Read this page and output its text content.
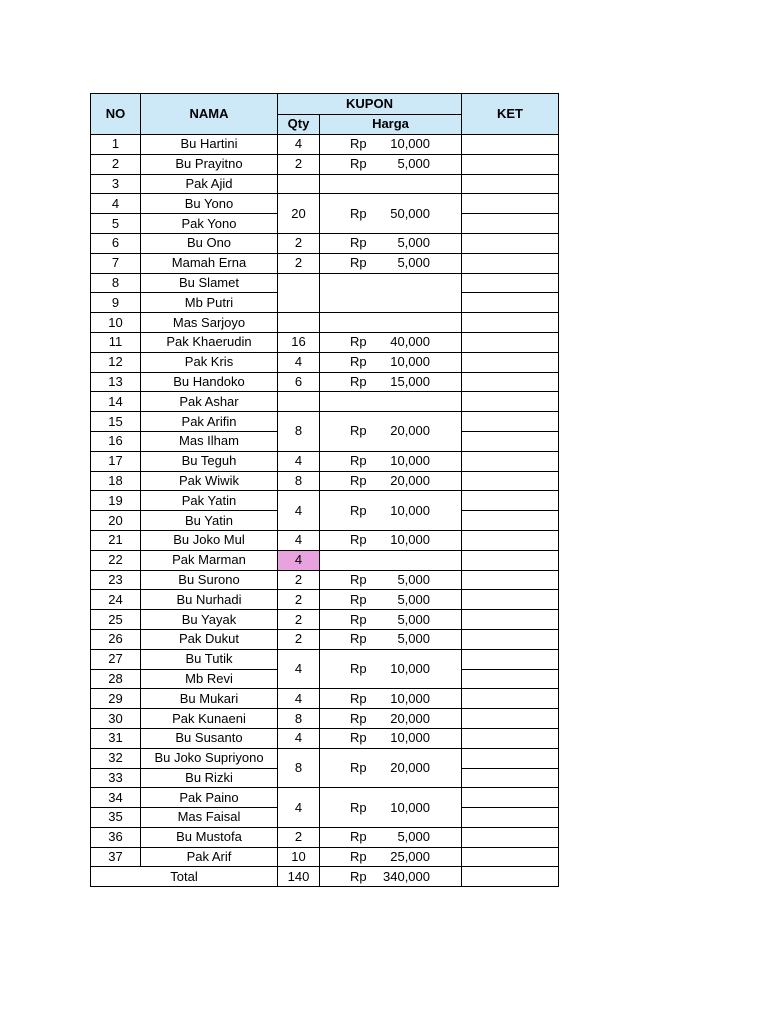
NO	NAMA	KUPON		KET
		Qty	Harga	
1	Bu Hartini	4	Rp 10,000	

2	Bu Prayitno	2	Rp 5,000	

3	Pak Ajid		

4	Bu Yono	20	Rp 50,000	

5	Pak Yono			
6	Bu Ono	2	Rp 5,000	

7	Mamah Erna	2	Rp 5,000	

8	Bu Slamet		

9	Mb Putri			
10	Mas Sarjoyo		

11	Pak Khaerudin	16	Rp 40,000	

12	Pak Kris	4	Rp 10,000	

13	Bu Handoko	6	Rp 15,000	

14	Pak Ashar		

15	Pak Arifin	8	Rp 20,000	

16	Mas Ilham			
17	Bu Teguh	4	Rp 10,000	

18	Pak Wiwik	8	Rp 20,000	

19	Pak Yatin	4	Rp 10,000	

20	Bu Yatin			
21	Bu Joko Mul	4	Rp 10,000	

22	Pak Marman	4	

23	Bu Surono	2	Rp 5,000	

24	Bu Nurhadi	2	Rp 5,000	

25	Bu Yayak	2	Rp 5,000	

26	Pak Dukut	2	Rp 5,000	

27	Bu Tutik	4	Rp 10,000	

28	Mb Revi			
29	Bu Mukari	4	Rp 10,000	

30	Pak Kunaeni	8	Rp 20,000	

31	Bu Susanto	4	Rp 10,000	

32	Bu Joko Supriyono	8	Rp 20,000	

33	Bu Rizki			
34	Pak Paino	4	Rp 10,000	

35	Mas Faisal			
36	Bu Mustofa	2	Rp 5,000	

37	Pak Arif	10	Rp 25,000	

Total		140	Rp 340,000	
